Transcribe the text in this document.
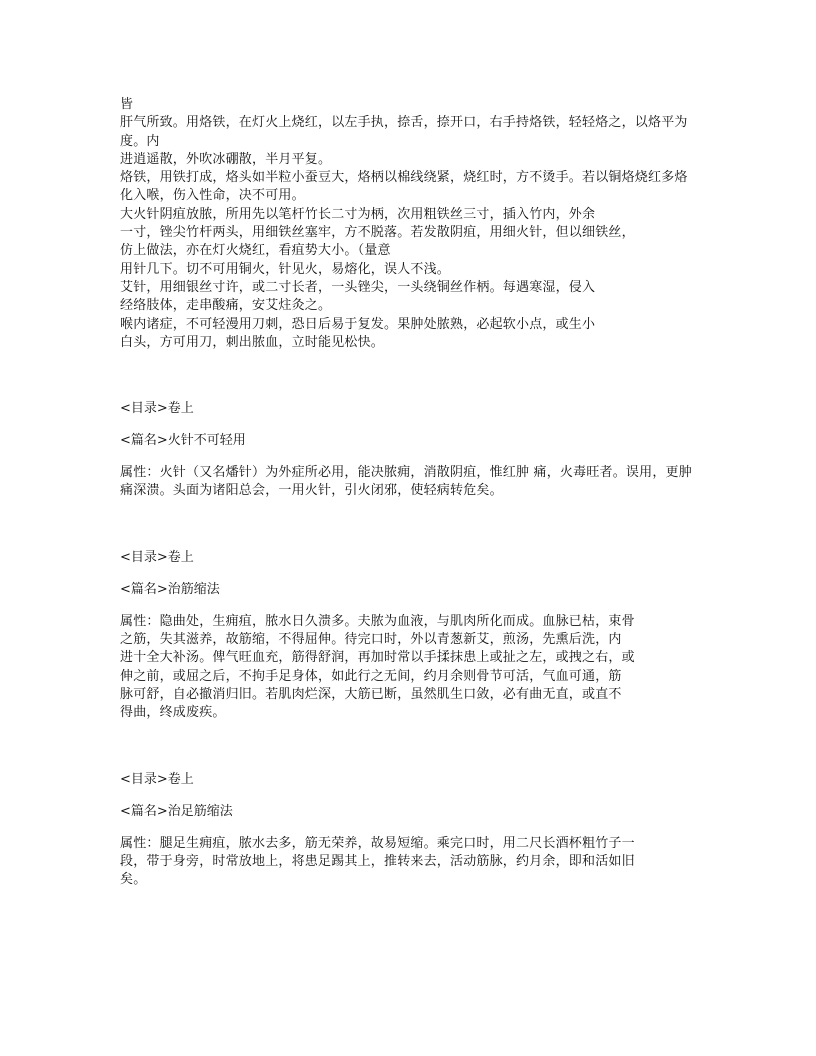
皆
肝气所致。用烙铁，在灯火上烧红，以左手执，捺舌，捺开口，右手持烙铁，轻轻烙之，以烙平为度。内
进逍遥散，外吹冰硼散，半月平复。
烙铁，用铁打成，烙头如半粒小蚕豆大，烙柄以棉线绕紧，烧红时，方不烫手。若以铜烙烧红多烙
化入喉，伤入性命，决不可用。
大火针阴疽放脓，所用先以笔杆竹长二寸为柄，次用粗铁丝三寸，插入竹内，外余
一寸，锉尖竹杆两头，用细铁丝塞牢，方不脱落。若发散阴疽，用细火针，但以细铁丝，
仿上做法，亦在灯火烧红，看疽势大小。（量意
用针几下。切不可用铜火，针见火，易熔化，误人不浅。
艾针，用细银丝寸许，或二寸长者，一头锉尖，一头绕铜丝作柄。每遇寒湿，侵入
经络肢体，走串酸痛，安艾炷灸之。
喉内诸症，不可轻漫用刀刺，恐日后易于复发。果肿处脓熟，必起软小点，或生小
白头，方可用刀，刺出脓血，立时能见松快。

<目录>卷上

<篇名>火针不可轻用

属性：火针（又名燔针）为外症所必用，能决脓痈，消散阴疽，惟红肿 痛，火毒旺者。误用，更肿痛深溃。头面为诸阳总会，一用火针，引火闭邪，使轻病转危矣。

<目录>卷上

<篇名>治筋缩法

属性：隐曲处，生痈疽，脓水日久溃多。夫脓为血液，与肌肉所化而成。血脉已枯，束骨
之筋，失其滋养，故筋缩，不得屈伸。待完口时，外以青葱新艾，煎汤，先熏后洗，内
进十全大补汤。俾气旺血充，筋得舒润，再加时常以手揉抹患上或扯之左，或拽之右，或
伸之前，或屈之后，不拘手足身体，如此行之无间，约月余则骨节可活，气血可通，筋
脉可舒，自必撤消归旧。若肌肉烂深，大筋已断，虽然肌生口敛，必有曲无直，或直不
得曲，终成废疾。

<目录>卷上

<篇名>治足筋缩法

属性：腿足生痈疽，脓水去多，筋无荣养，故易短缩。乘完口时，用二尺长酒杯粗竹子一
段，带于身旁，时常放地上，将患足踢其上，推转来去，活动筋脉，约月余，即和活如旧
矣。
